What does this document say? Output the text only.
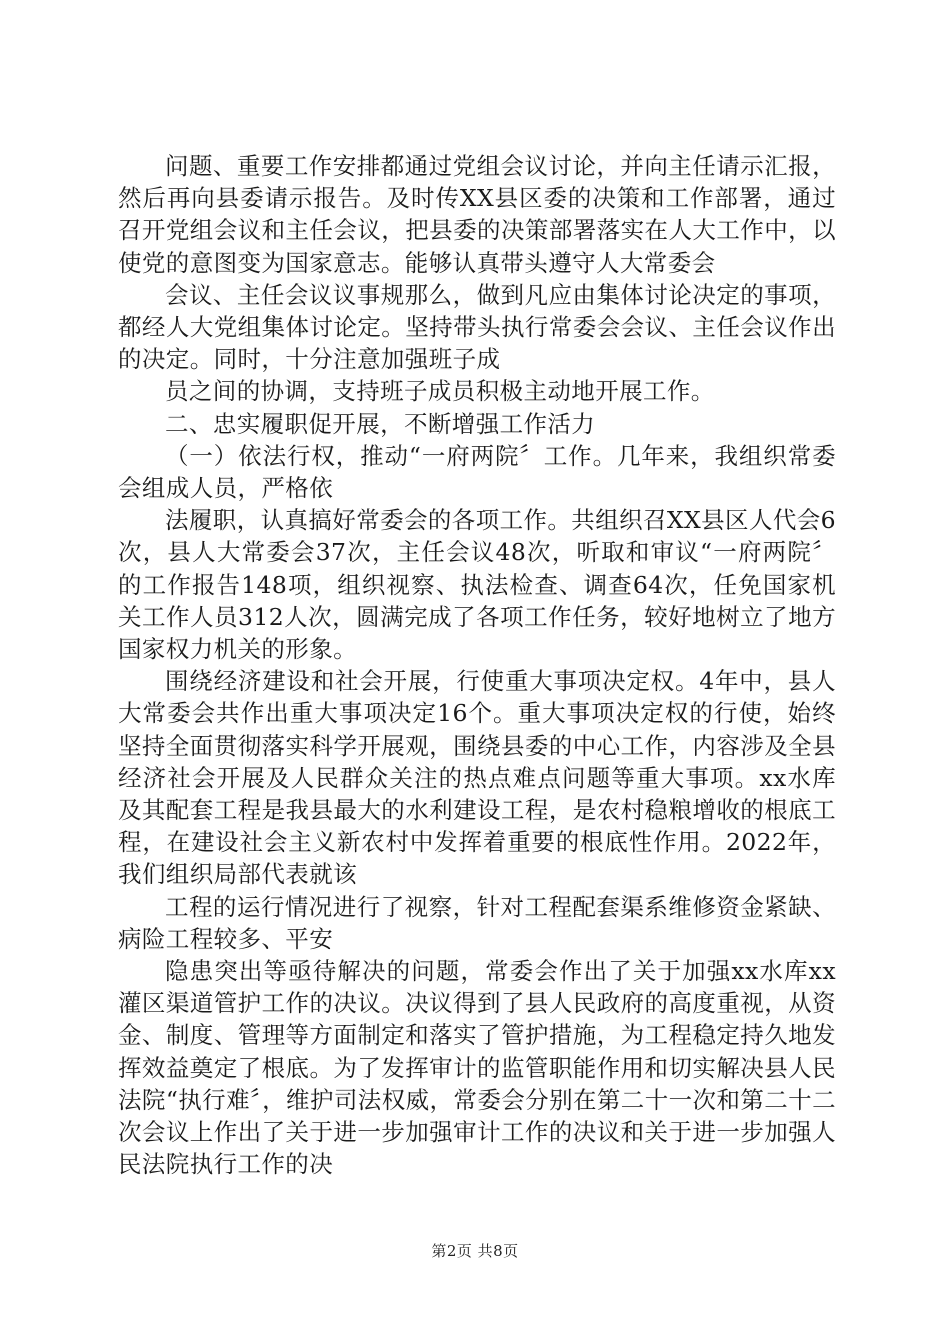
问题、重要工作安排都通过党组会议讨论，并向主任请示汇报，然后再向县委请示报告。及时传XX县区委的决策和工作部署，通过召开党组会议和主任会议，把县委的决策部署落实在人大工作中，以使党的意图变为国家意志。能够认真带头遵守人大常委会

会议、主任会议议事规那么，做到凡应由集体讨论决定的事项，都经人大党组集体讨论定。坚持带头执行常委会会议、主任会议作出的决定。同时，十分注意加强班子成

员之间的协调，支持班子成员积极主动地开展工作。

二、忠实履职促开展，不断增强工作活力

（一）依法行权，推动“一府两院〞工作。几年来，我组织常委会组成人员，严格依

法履职，认真搞好常委会的各项工作。共组织召XX县区人代会6次，县人大常委会37次，主任会议48次，听取和审议“一府两院〞的工作报告148项，组织视察、执法检查、调查64次，任免国家机关工作人员312人次，圆满完成了各项工作任务，较好地树立了地方国家权力机关的形象。

围绕经济建设和社会开展，行使重大事项决定权。4年中，县人大常委会共作出重大事项决定16个。重大事项决定权的行使，始终坚持全面贯彻落实科学开展观，围绕县委的中心工作，内容涉及全县经济社会开展及人民群众关注的热点难点问题等重大事项。xx水库及其配套工程是我县最大的水利建设工程，是农村稳粮增收的根底工程，在建设社会主义新农村中发挥着重要的根底性作用。2022年，我们组织局部代表就该

工程的运行情况进行了视察，针对工程配套渠系维修资金紧缺、病险工程较多、平安

隐患突出等亟待解决的问题，常委会作出了关于加强xx水库xx灌区渠道管护工作的决议。决议得到了县人民政府的高度重视，从资金、制度、管理等方面制定和落实了管护措施，为工程稳定持久地发挥效益奠定了根底。为了发挥审计的监管职能作用和切实解决县人民法院“执行难〞，维护司法权威，常委会分别在第二十一次和第二十二次会议上作出了关于进一步加强审计工作的决议和关于进一步加强人民法院执行工作的决

第2页 共8页
